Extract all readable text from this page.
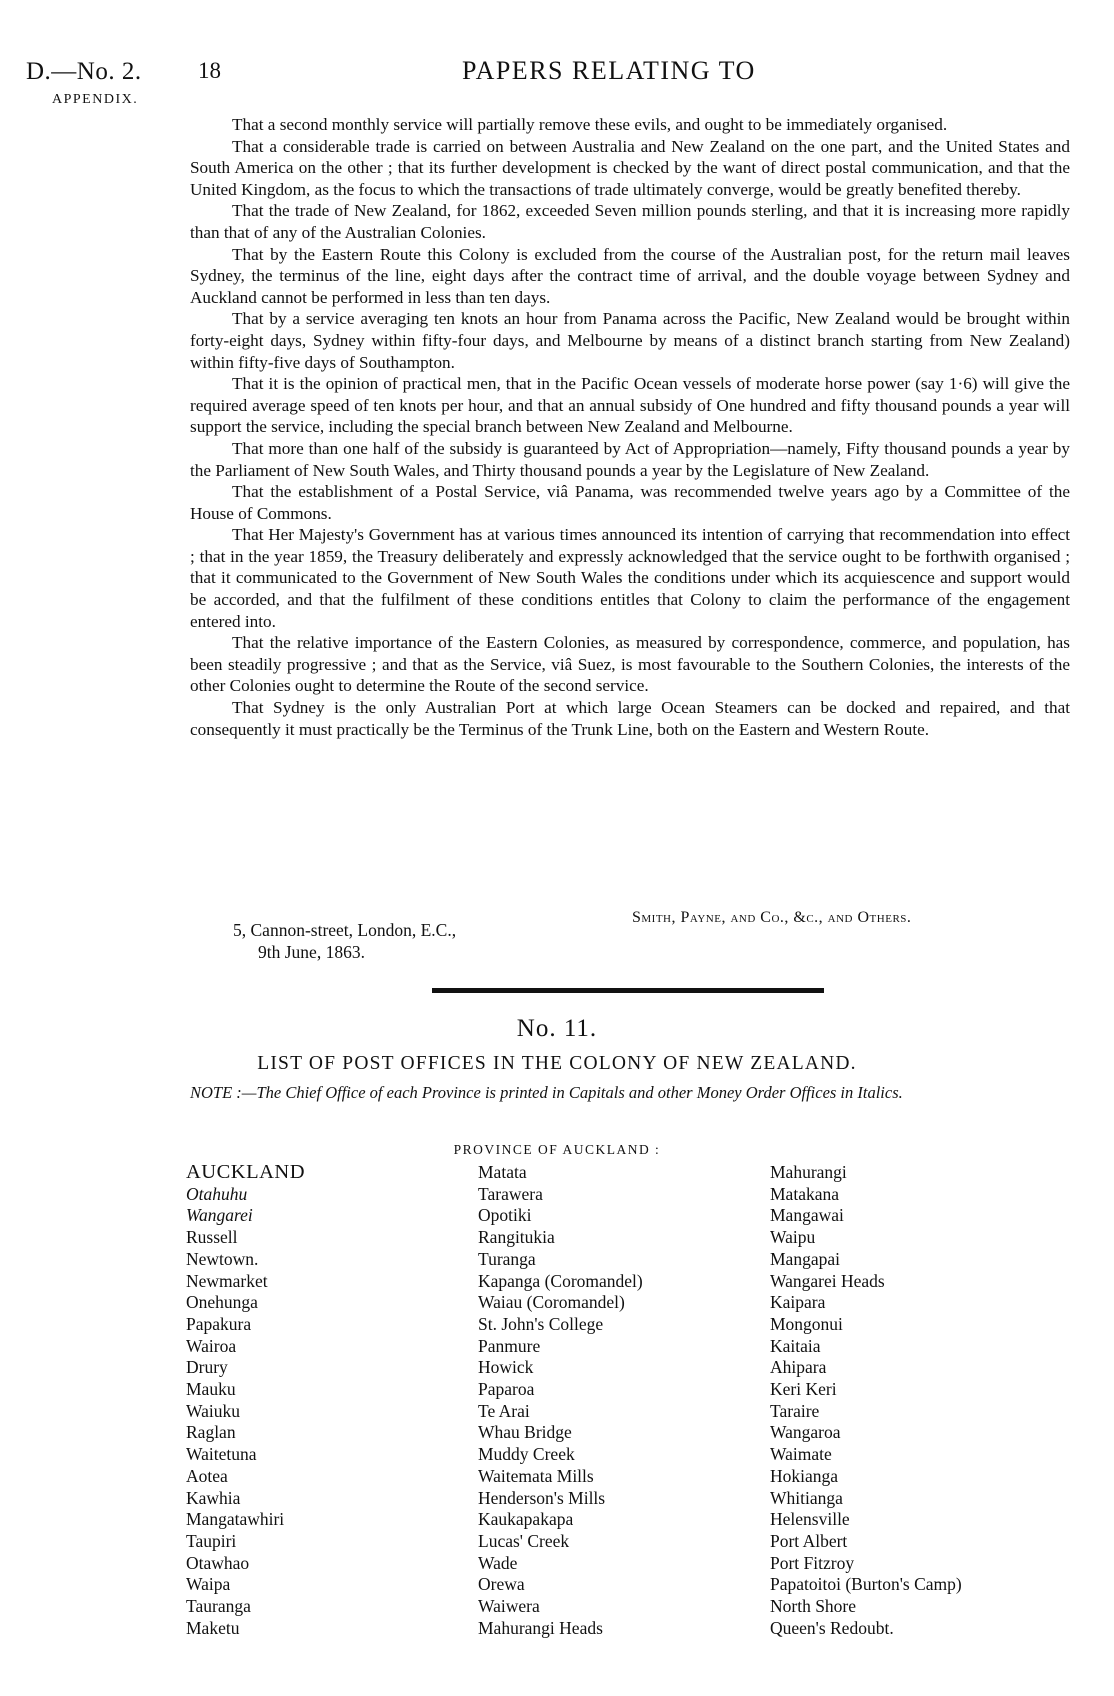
D.—No. 2.
APPENDIX.
18	PAPERS RELATING TO

That a second monthly service will partially remove these evils, and ought to be immediately organised.

That a considerable trade is carried on between Australia and New Zealand on the one part, and the United States and South America on the other ; that its further development is checked by the want of direct postal communication, and that the United Kingdom, as the focus to which the transactions of trade ultimately converge, would be greatly benefited thereby.

That the trade of New Zealand, for 1862, exceeded Seven million pounds sterling, and that it is increasing more rapidly than that of any of the Australian Colonies.

That by the Eastern Route this Colony is excluded from the course of the Australian post, for the return mail leaves Sydney, the terminus of the line, eight days after the contract time of arrival, and the double voyage between Sydney and Auckland cannot be performed in less than ten days.

That by a service averaging ten knots an hour from Panama across the Pacific, New Zealand would be brought within forty-eight days, Sydney within fifty-four days, and Melbourne by means of a distinct branch starting from New Zealand) within fifty-five days of Southampton.

That it is the opinion of practical men, that in the Pacific Ocean vessels of moderate horse power (say 1·6) will give the required average speed of ten knots per hour, and that an annual subsidy of One hundred and fifty thousand pounds a year will support the service, including the special branch between New Zealand and Melbourne.

That more than one half of the subsidy is guaranteed by Act of Appropriation—namely, Fifty thousand pounds a year by the Parliament of New South Wales, and Thirty thousand pounds a year by the Legislature of New Zealand.

That the establishment of a Postal Service, viâ Panama, was recommended twelve years ago by a Committee of the House of Commons.

That Her Majesty's Government has at various times announced its intention of carrying that recommendation into effect ; that in the year 1859, the Treasury deliberately and expressly acknowledged that the service ought to be forthwith organised ; that it communicated to the Government of New South Wales the conditions under which its acquiescence and support would be accorded, and that the fulfilment of these conditions entitles that Colony to claim the performance of the engagement entered into.

That the relative importance of the Eastern Colonies, as measured by correspondence, commerce, and population, has been steadily progressive ; and that as the Service, viâ Suez, is most favourable to the Southern Colonies, the interests of the other Colonies ought to determine the Route of the second service.

That Sydney is the only Australian Port at which large Ocean Steamers can be docked and repaired, and that consequently it must practically be the Terminus of the Trunk Line, both on the Eastern and Western Route.

Smith, Payne, and Co., &c., and Others.
5, Cannon-street, London, E.C.,
9th June, 1863.
No. 11.
LIST OF POST OFFICES IN THE COLONY OF NEW ZEALAND.
NOTE :—The Chief Office of each Province is printed in Capitals and other Money Order Offices in Italics.
PROVINCE OF AUCKLAND :
AUCKLAND
Otahuhu
Wangarei
Russell
Newtown.
Newmarket
Onehunga
Papakura
Wairoa
Drury
Mauku
Waiuku
Raglan
Waitetuna
Aotea
Kawhia
Mangatawhiri
Taupiri
Otawhao
Waipa
Tauranga
Maketu
Matata
Tarawera
Opotiki
Rangitukia
Turanga
Kapanga (Coromandel)
Waiau (Coromandel)
St. John's College
Panmure
Howick
Paparoa
Te Arai
Whau Bridge
Muddy Creek
Waitemata Mills
Henderson's Mills
Kaukapakapa
Lucas' Creek
Wade
Orewa
Waiwera
Mahurangi Heads
Mahurangi
Matakana
Mangawai
Waipu
Mangapai
Wangarei Heads
Kaipara
Mongonui
Kaitaia
Ahipara
Keri Keri
Taraire
Wangaroa
Waimate
Hokianga
Whitianga
Helensville
Port Albert
Port Fitzroy
Papatoitoi (Burton's Camp)
North Shore
Queen's Redoubt.
